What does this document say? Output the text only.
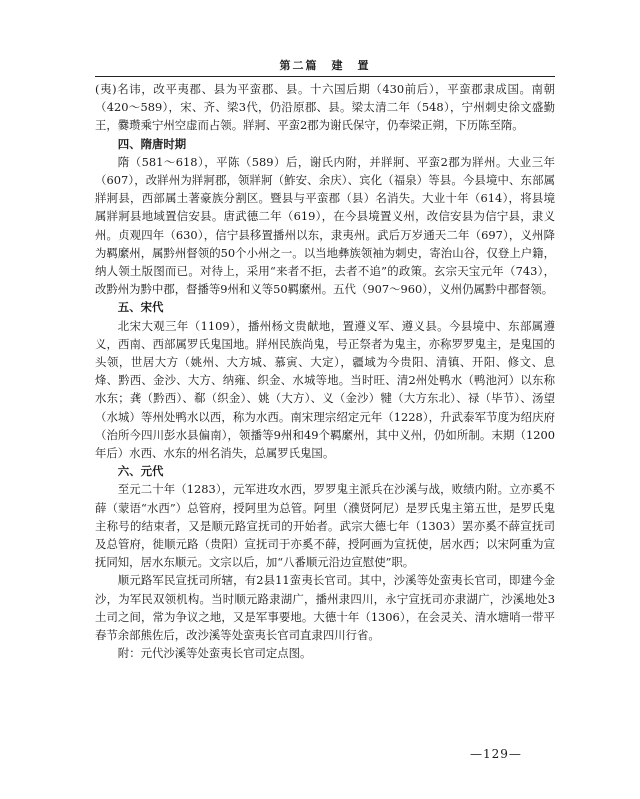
第二篇　建　置

(夷)名讳，改平夷郡、县为平蛮郡、县。十六国后期（430前后），平蛮郡隶成国。南朝（420～589），宋、齐、梁3代，仍沿原郡、县。梁太清二年（548），宁州刺史徐文盛勤王，爨瓒乘宁州空虚而占领。牂牁、平蛮2郡为谢氏保守，仍奉梁正朔，下历陈至隋。

四、隋唐时期

隋（581～618），平陈（589）后，谢氏内附，并牂牁、平蛮2郡为牂州。大业三年（607），改牂州为牂牁郡，领牂牁（鮓安、余庆）、宾化（福泉）等县。今县境中、东部属牂牁县，西部属土著豪族分割区。暨县与平蛮郡（县）名消失。大业十年（614），将县境属牂牁县地域置信安县。唐武德二年（619），在今县境置义州，改信安县为信宁县，隶义州。贞观四年（630），信宁县移置播州以东，隶夷州。武后万岁通天二年（697），义州降为羁縻州，属黔州督领的50个小州之一。以当地彝族领袖为刺史，寄治山谷，仅登上户籍，纳人领土版图而已。对待上，采用“来者不拒，去者不追”的政策。玄宗天宝元年（743），改黔州为黔中郡，督播等9州和义等50羁縻州。五代（907～960），义州仍属黔中郡督领。

五、宋代

北宋大观三年（1109），播州杨文贵献地，置遵义军、遵义县。今县境中、东部属遵义，西南、西部属罗氏鬼国地。牂州民族尚鬼，号正祭者为鬼主，亦称罗罗鬼主，是鬼国的头领，世居大方（姚州、大方城、慕寅、大定），疆域为今贵阳、清镇、开阳、修文、息烽、黔西、金沙、大方、纳雍、织金、水城等地。当时旺、清2州处鸭水（鸭池河）以东称水东；龚（黔西）、郗（织金）、姚（大方）、义（金沙）犍（大方东北）、禄（毕节）、汤望（水城）等州处鸭水以西，称为水西。南宋理宗绍定元年（1228），升武泰军节度为绍庆府（治所今四川彭水县偏南），领播等9州和49个羁縻州，其中义州，仍如所制。末期（1200年后）水西、水东的州名消失，总属罗氏鬼国。

六、元代

至元二十年（1283），元军进攻水西，罗罗鬼主派兵在沙溪与战，败绩内附。立亦奚不薛（蒙语“水西”）总管府，授阿里为总管。阿里（濮贤阿尼）是罗氏鬼主第五世，是罗氏鬼主称号的结束者，又是顺元路宣抚司的开始者。武宗大德七年（1303）罢亦奚不薛宣抚司及总管府，徙顺元路（贵阳）宣抚司于亦奚不薛，授阿画为宣抚使，居水西；以宋阿重为宣抚同知，居水东顺元。文宗以后，加“八番顺元沿边宣慰使”职。

顺元路军民宣抚司所辖，有2县11蛮夷长官司。其中，沙溪等处蛮夷长官司，即建今金沙，为军民双领机构。当时顺元路隶湖广，播州隶四川，永宁宣抚司亦隶湖广，沙溪地处3土司之间，常为争议之地，又是军事要地。大德十年（1306），在会灵关、清水塘哨一带平春节余部熊佐后，改沙溪等处蛮夷长官司直隶四川行省。

附：元代沙溪等处蛮夷长官司定点图。

—129—
